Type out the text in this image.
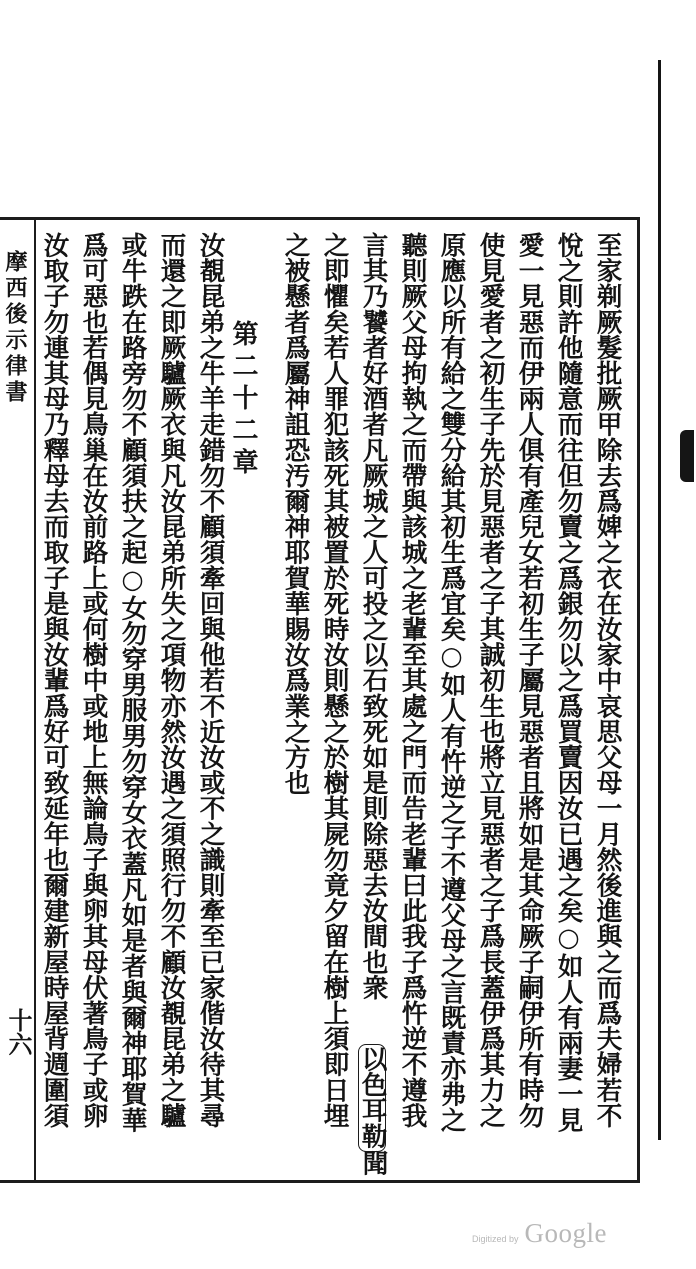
至家剃厥髮批厥甲除去爲婢之衣在汝家中哀思父母一月然後進與之而爲夫婦若不
悅之則許他隨意而往但勿賣之爲銀勿以之爲買賣因汝已遇之矣○如人有兩妻一見
愛一見惡而伊兩人俱有產兒女若初生子屬見惡者且將如是其命厥子嗣伊所有時勿
使見愛者之初生子先於見惡者之子其誠初生也將立見惡者之子爲長蓋伊爲其力之
原應以所有給之雙分給其初生爲宜矣○如人有忤逆之子不遵父母之言既責亦弗之
聽則厥父母拘執之而帶與該城之老輩至其處之門而告老輩曰此我子爲忤逆不遵我
言其乃饕者好酒者凡厥城之人可投之以石致死如是則除惡去汝間也衆
以色耳勒
聞
之即懼矣若人罪犯該死其被置於死時汝則懸之於樹其屍勿竟夕留在樹上須即日埋
之被懸者爲屬神詛恐汚爾神耶賀華賜汝爲業之方也
第二十二章
汝覩昆弟之牛羊走錯勿不顧須牽回與他若不近汝或不之識則牽至已家偕汝待其尋
而還之即厥驢厥衣與凡汝昆弟所失之項物亦然汝遇之須照行勿不顧汝覩昆弟之驢
或牛跌在路旁勿不顧須扶之起○女勿穿男服男勿穿女衣蓋凡如是者與爾神耶賀華
爲可惡也若偶見鳥巢在汝前路上或何樹中或地上無論鳥子與卵其母伏著鳥子或卵
汝取子勿連其母乃釋母去而取子是與汝輩爲好可致延年也爾建新屋時屋背週圍須
摩西後示律書
十六
Digitized by Google
